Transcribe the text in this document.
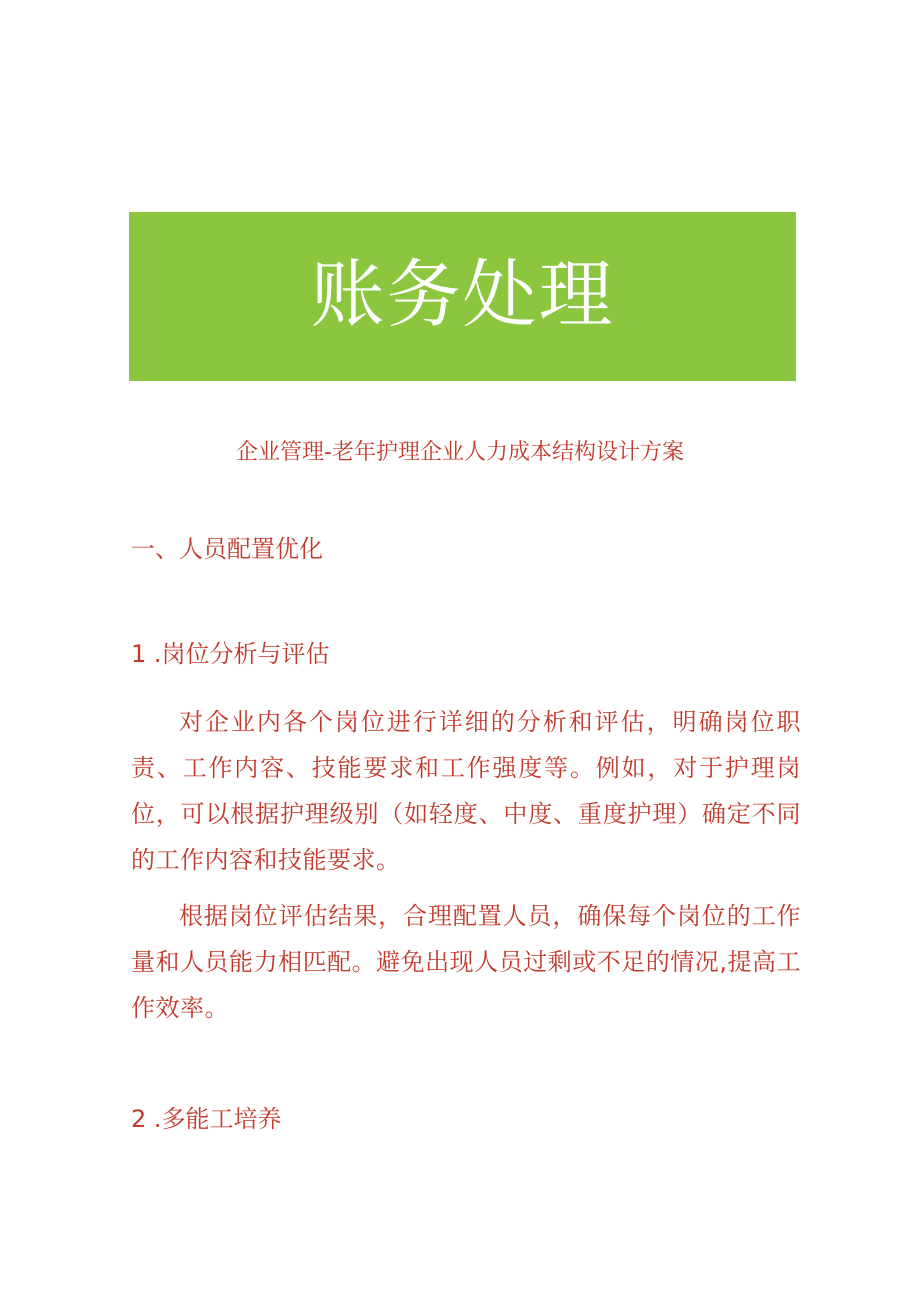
账务处理

企业管理-老年护理企业人力成本结构设计方案

一、人员配置优化
1 .岗位分析与评估

对企业内各个岗位进行详细的分析和评估，明确岗位职责、工作内容、技能要求和工作强度等。例如，对于护理岗位，可以根据护理级别（如轻度、中度、重度护理）确定不同的工作内容和技能要求。

根据岗位评估结果，合理配置人员，确保每个岗位的工作量和人员能力相匹配。避免出现人员过剩或不足的情况,提高工作效率。

2 .多能工培养
